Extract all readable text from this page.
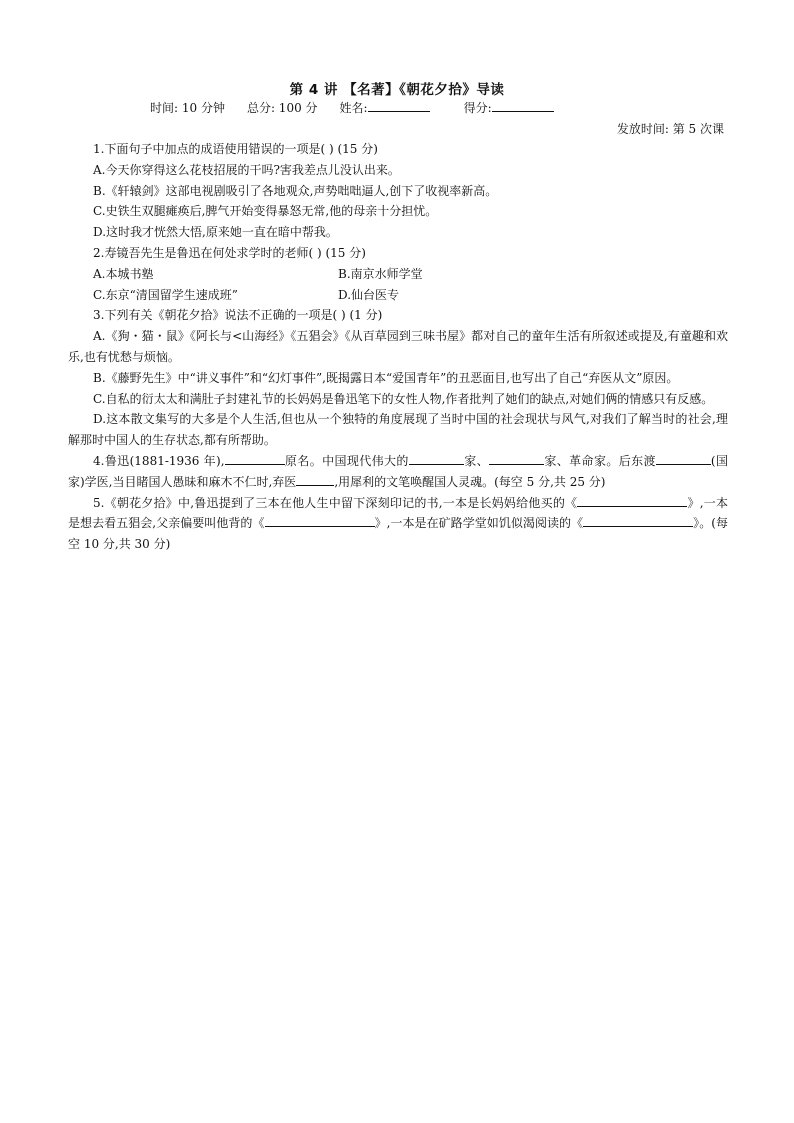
第 4 讲 【名著】《朝花夕拾》导读
时间: 10 分钟 总分: 100 分 姓名:	得分:
发放时间: 第 5 次课

1.下面句子中加点的成语使用错误的一项是( ) (15 分)

A.今天你穿得这么花枝招展的干吗?害我差点儿没认出来。

B.《轩辕剑》这部电视剧吸引了各地观众,声势咄咄逼人,创下了收视率新高。

C.史铁生双腿瘫痪后,脾气开始变得暴怒无常,他的母亲十分担忧。

D.这时我才恍然大悟,原来她一直在暗中帮我。

2.寿镜吾先生是鲁迅在何处求学时的老师( ) (15 分)

A.本城书塾	B.南京水师学堂
C.东京“清国留学生速成班”	D.仙台医专

3.下列有关《朝花夕拾》说法不正确的一项是( ) (1 分)

A.《狗・猫・鼠》《阿长与<山海经》《五猖会》《从百草园到三味书屋》都对自己的童年生活有所叙述或提及,有童趣和欢乐,也有忧愁与烦恼。

B.《藤野先生》中“讲义事件”和“幻灯事件”,既揭露日本“爱国青年”的丑恶面目,也写出了自己“弃医从文”原因。

C.自私的衍太太和满肚子封建礼节的长妈妈是鲁迅笔下的女性人物,作者批判了她们的缺点,对她们俩的情感只有反感。

D.这本散文集写的大多是个人生活,但也从一个独特的角度展现了当时中国的社会现状与风气,对我们了解当时的社会,理解那时中国人的生存状态,都有所帮助。

4.鲁迅(1881-1936 年),	原名。中国现代伟大的	家、	家、革命家。后东渡	(国家)学医,当目睹国人愚昧和麻木不仁时,弃医	,用犀利的文笔唤醒国人灵魂。(每空 5 分,共 25 分)

5.《朝花夕拾》中,鲁迅提到了三本在他人生中留下深刻印记的书,一本是长妈妈给他买的《	》,一本是想去看五猖会,父亲偏要叫他背的《	》,一本是在矿路学堂如饥似渴阅读的《	》。(每空 10 分,共 30 分)
